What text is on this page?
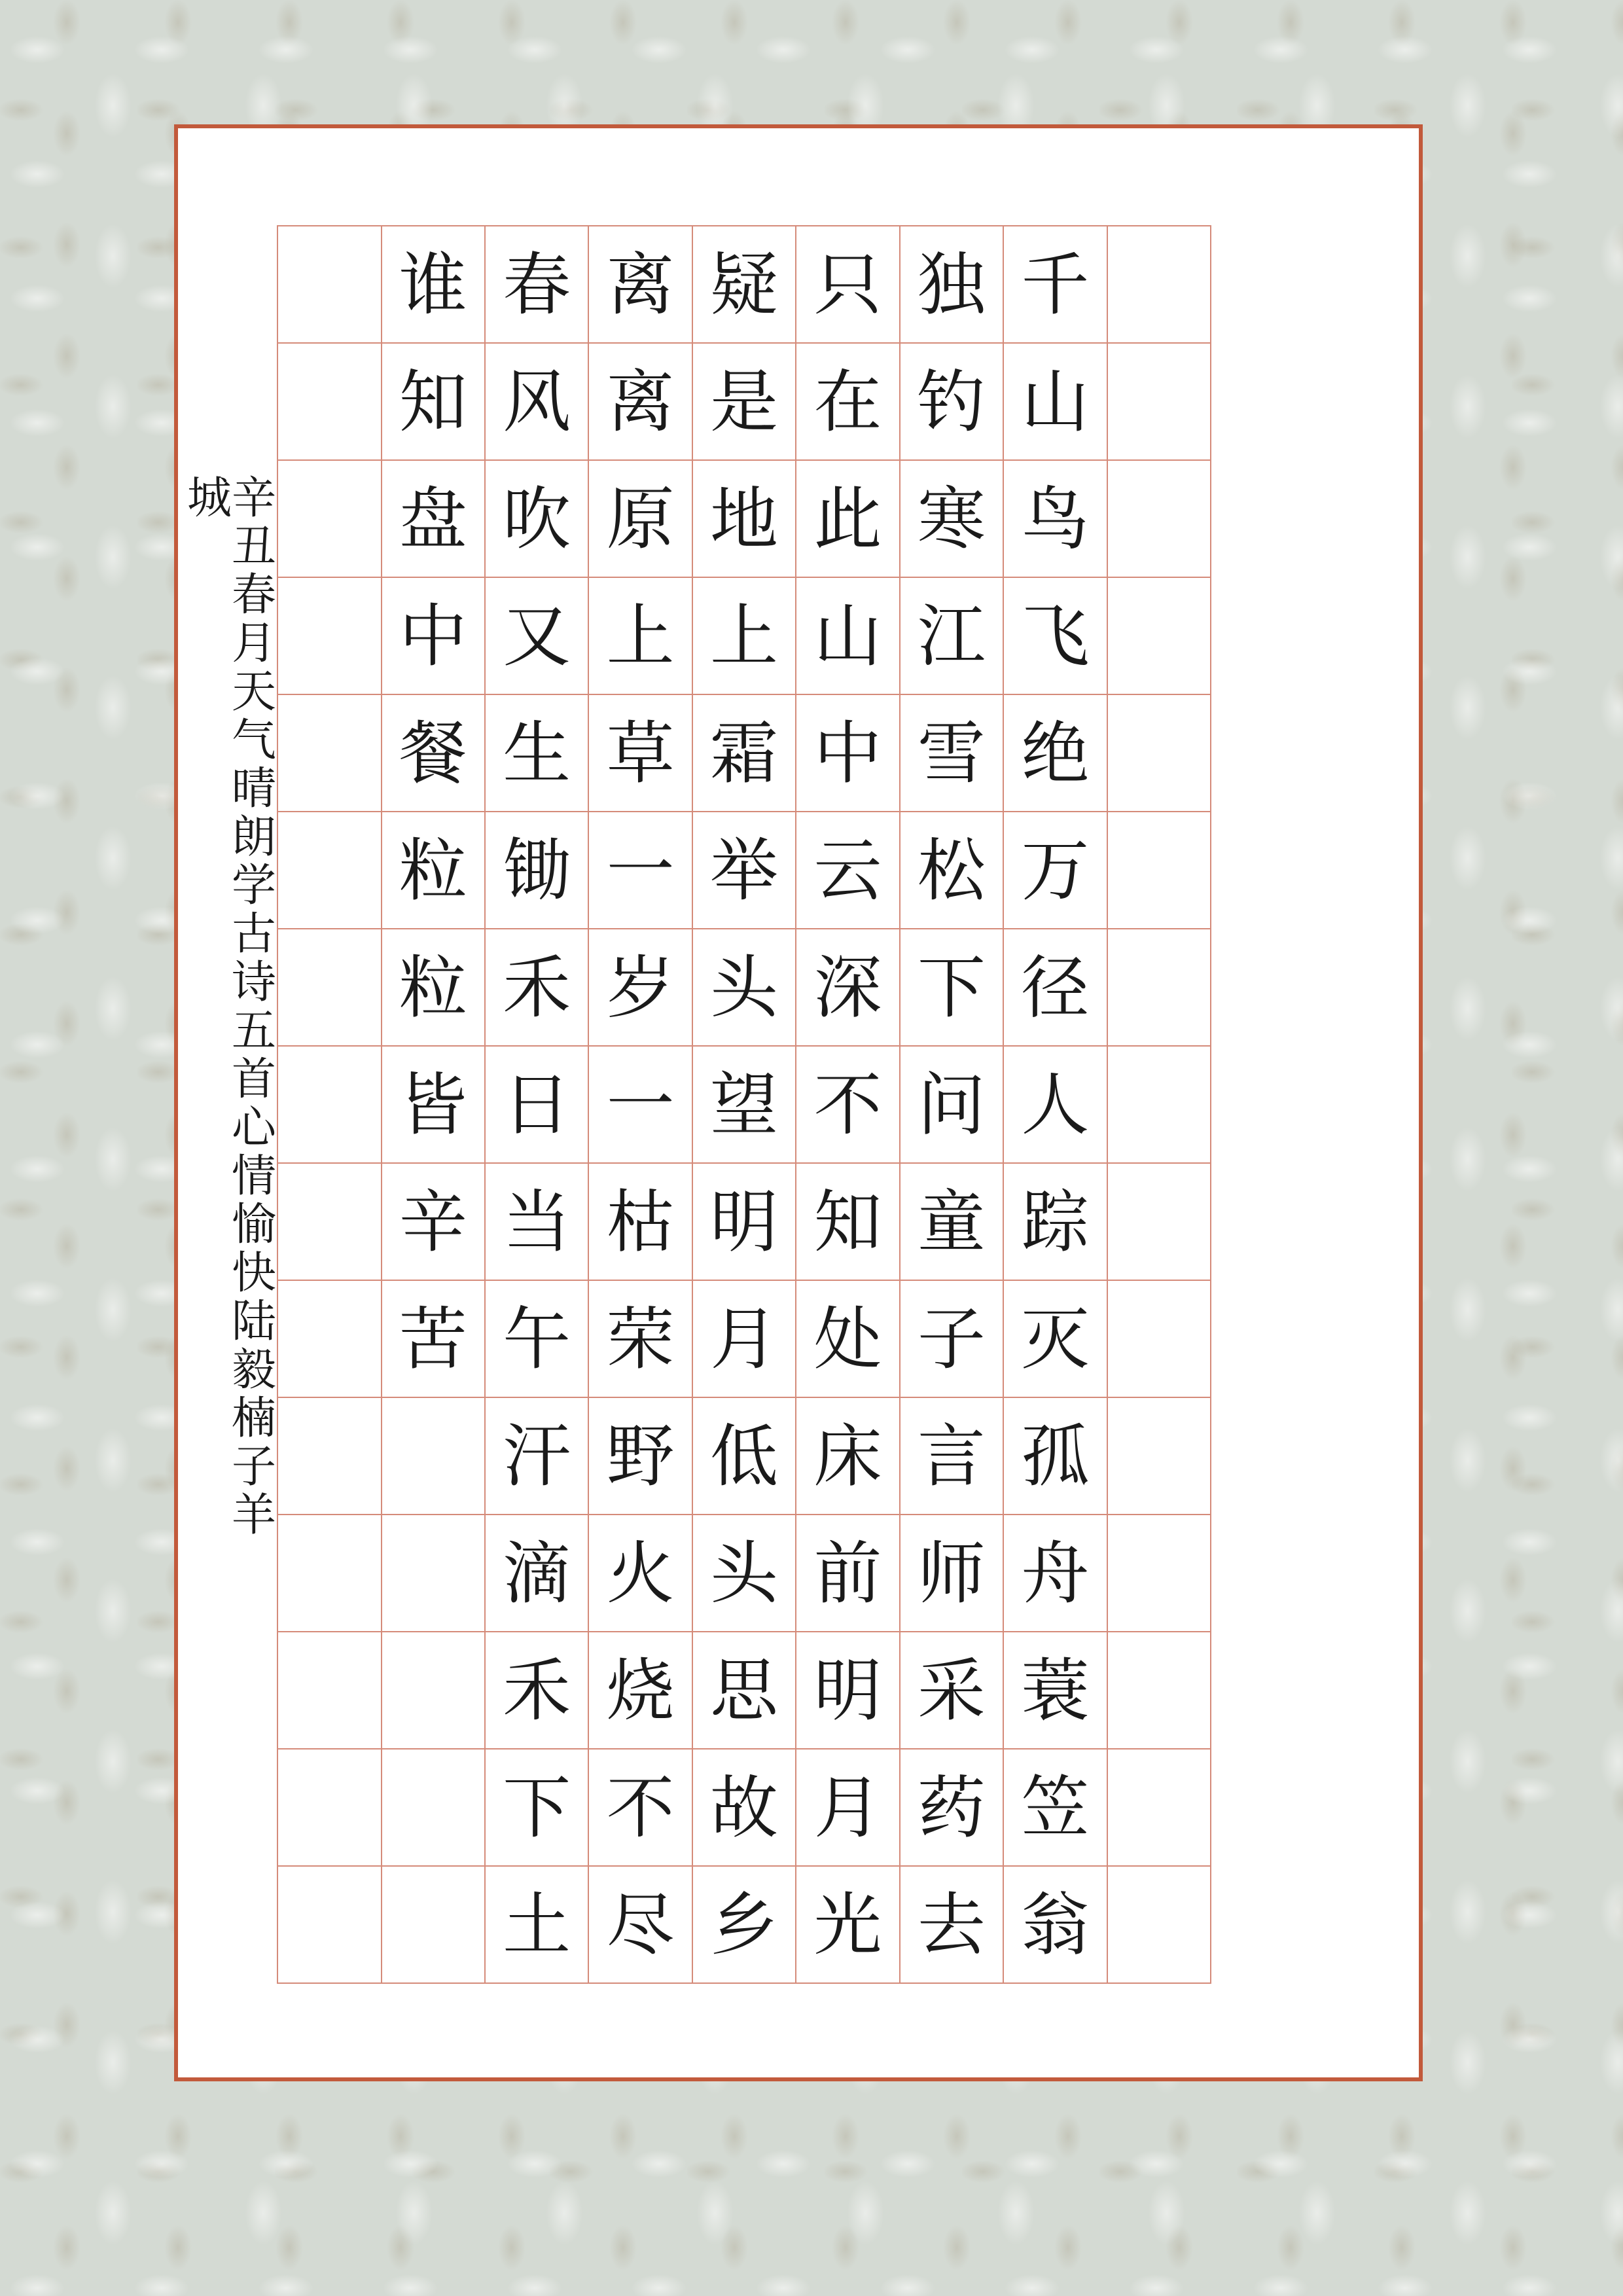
辛丑春月天气晴朗学古诗五首心情愉快陆毅楠子羊城
千
山
鸟
飞
绝
万
径
人
踪
灭
孤
舟
蓑
笠
翁
独
钓
寒
江
雪
松
下
问
童
子
言
师
采
药
去
只
在
此
山
中
云
深
不
知
处
床
前
明
月
光
疑
是
地
上
霜
举
头
望
明
月
低
头
思
故
乡
离
离
原
上
草
一
岁
一
枯
荣
野
火
烧
不
尽
春
风
吹
又
生
锄
禾
日
当
午
汗
滴
禾
下
土
谁
知
盘
中
餐
粒
粒
皆
辛
苦
